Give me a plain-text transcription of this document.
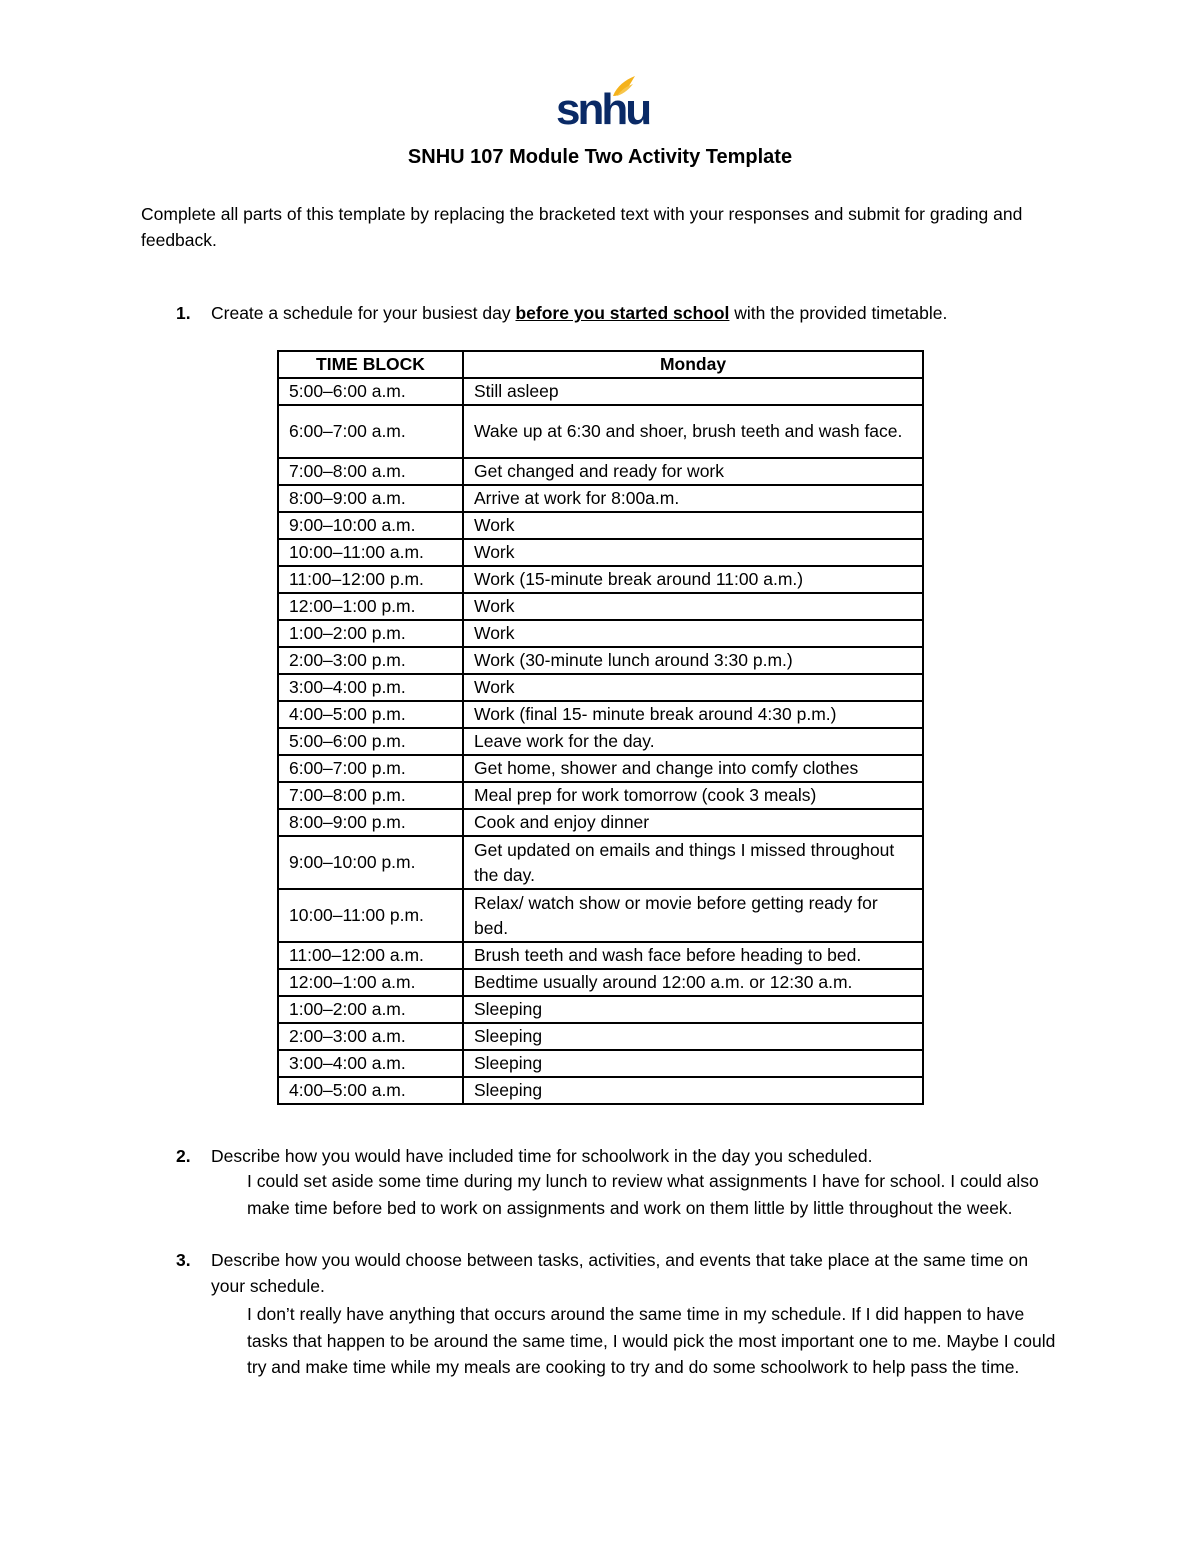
snhu
SNHU 107 Module Two Activity Template
Complete all parts of this template by replacing the bracketed text with your responses and submit for grading and feedback.
1. Create a schedule for your busiest day before you started school with the provided timetable.
TIME BLOCK	Monday
5:00–6:00 a.m.	Still asleep
6:00–7:00 a.m.	Wake up at 6:30 and shoer, brush teeth and wash face.
7:00–8:00 a.m.	Get changed and ready for work
8:00–9:00 a.m.	Arrive at work for 8:00a.m.
9:00–10:00 a.m.	Work
10:00–11:00 a.m.	Work
11:00–12:00 p.m.	Work (15-minute break around 11:00 a.m.)
12:00–1:00 p.m.	Work
1:00–2:00 p.m.	Work
2:00–3:00 p.m.	Work (30-minute lunch around 3:30 p.m.)
3:00–4:00 p.m.	Work
4:00–5:00 p.m.	Work (final 15- minute break around 4:30 p.m.)
5:00–6:00 p.m.	Leave work for the day.
6:00–7:00 p.m.	Get home, shower and change into comfy clothes
7:00–8:00 p.m.	Meal prep for work tomorrow (cook 3 meals)
8:00–9:00 p.m.	Cook and enjoy dinner
9:00–10:00 p.m.	Get updated on emails and things I missed throughout the day.
10:00–11:00 p.m.	Relax/ watch show or movie before getting ready for bed.
11:00–12:00 a.m.	Brush teeth and wash face before heading to bed.
12:00–1:00 a.m.	Bedtime usually around 12:00 a.m. or 12:30 a.m.
1:00–2:00 a.m.	Sleeping
2:00–3:00 a.m.	Sleeping
3:00–4:00 a.m.	Sleeping
4:00–5:00 a.m.	Sleeping
2. Describe how you would have included time for schoolwork in the day you scheduled.
I could set aside some time during my lunch to review what assignments I have for school. I could also make time before bed to work on assignments and work on them little by little throughout the week.
3. Describe how you would choose between tasks, activities, and events that take place at the same time on your schedule.
I don’t really have anything that occurs around the same time in my schedule. If I did happen to have tasks that happen to be around the same time, I would pick the most important one to me. Maybe I could try and make time while my meals are cooking to try and do some schoolwork to help pass the time.
